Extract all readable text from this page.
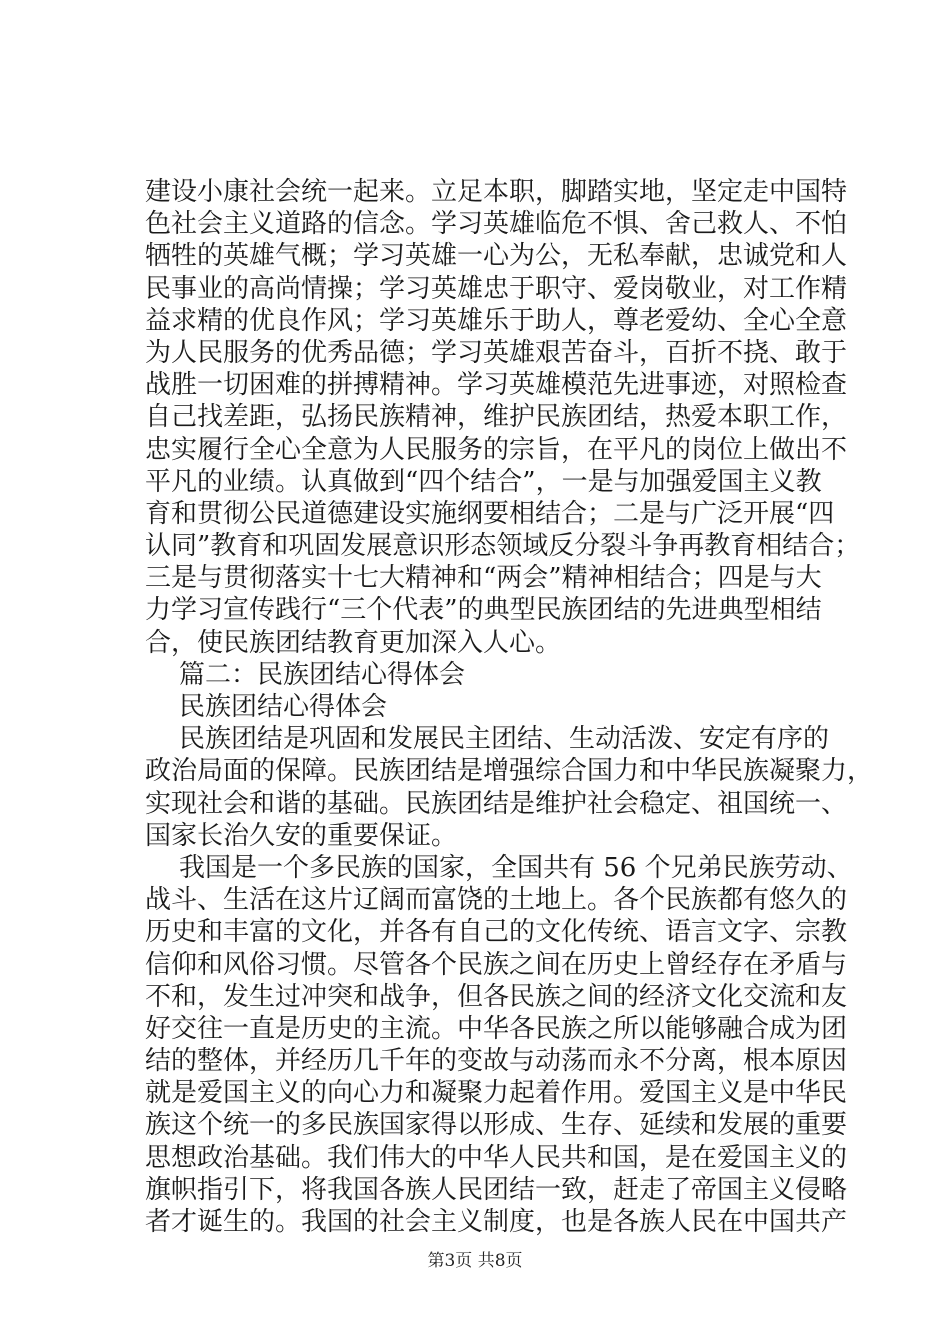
建设小康社会统一起来。立足本职，脚踏实地，坚定走中国特
色社会主义道路的信念。学习英雄临危不惧、舍己救人、不怕
牺牲的英雄气概；学习英雄一心为公，无私奉献，忠诚党和人
民事业的高尚情操；学习英雄忠于职守、爱岗敬业，对工作精
益求精的优良作风；学习英雄乐于助人，尊老爱幼、全心全意
为人民服务的优秀品德；学习英雄艰苦奋斗，百折不挠、敢于
战胜一切困难的拼搏精神。学习英雄模范先进事迹，对照检查
自己找差距，弘扬民族精神，维护民族团结，热爱本职工作，
忠实履行全心全意为人民服务的宗旨，在平凡的岗位上做出不
平凡的业绩。认真做到“四个结合”，一是与加强爱国主义教
育和贯彻公民道德建设实施纲要相结合；二是与广泛开展“四
认同”教育和巩固发展意识形态领域反分裂斗争再教育相结合；
三是与贯彻落实十七大精神和“两会”精神相结合；四是与大
力学习宣传践行“三个代表”的典型民族团结的先进典型相结
合，使民族团结教育更加深入人心。
篇二：民族团结心得体会
民族团结心得体会
民族团结是巩固和发展民主团结、生动活泼、安定有序的
政治局面的保障。民族团结是增强综合国力和中华民族凝聚力，
实现社会和谐的基础。民族团结是维护社会稳定、祖国统一、
国家长治久安的重要保证。
我国是一个多民族的国家，全国共有 56 个兄弟民族劳动、
战斗、生活在这片辽阔而富饶的土地上。各个民族都有悠久的
历史和丰富的文化，并各有自己的文化传统、语言文字、宗教
信仰和风俗习惯。尽管各个民族之间在历史上曾经存在矛盾与
不和，发生过冲突和战争，但各民族之间的经济文化交流和友
好交往一直是历史的主流。中华各民族之所以能够融合成为团
结的整体，并经历几千年的变故与动荡而永不分离，根本原因
就是爱国主义的向心力和凝聚力起着作用。爱国主义是中华民
族这个统一的多民族国家得以形成、生存、延续和发展的重要
思想政治基础。我们伟大的中华人民共和国，是在爱国主义的
旗帜指引下，将我国各族人民团结一致，赶走了帝国主义侵略
者才诞生的。我国的社会主义制度，也是各族人民在中国共产
第3页 共8页
